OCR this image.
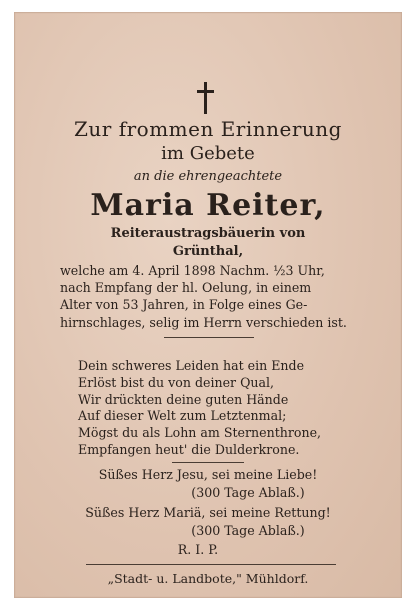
Zur frommen Erinnerung
im Gebete
an die ehrengeachtete
Maria Reiter,
Reiteraustragsbäuerin von
Grünthal,
welche am 4. April 1898 Nachm. ½3 Uhr,
nach Empfang der hl. Oelung, in einem
Alter von 53 Jahren, in Folge eines Ge-
hirnschlages, selig im Herrn verschieden ist.
Dein schweres Leiden hat ein Ende
Erlöst bist du von deiner Qual,
Wir drückten deine guten Hände
Auf dieser Welt zum Letztenmal;
Mögst du als Lohn am Sternenthrone,
Empfangen heut' die Dulderkrone.
Süßes Herz Jesu, sei meine Liebe!
(300 Tage Ablaß.)
Süßes Herz Mariä, sei meine Rettung!
(300 Tage Ablaß.)
R. I. P.
„Stadt- u. Landbote," Mühldorf.
